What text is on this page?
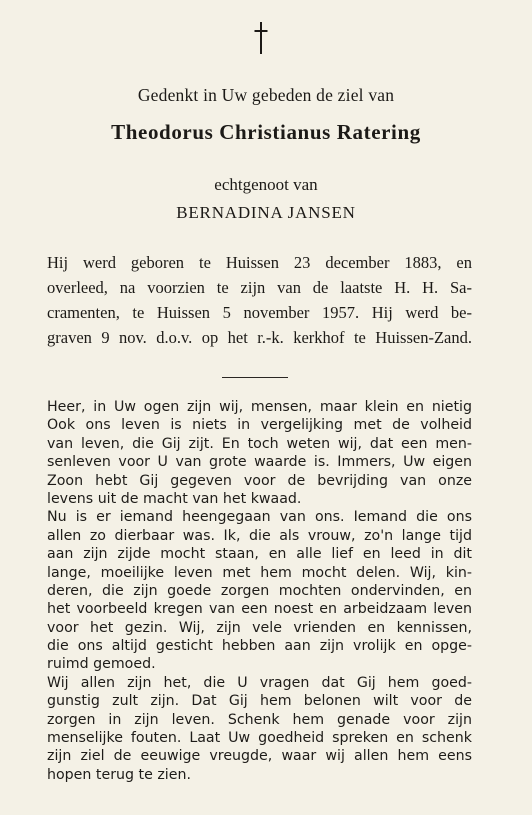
Gedenkt in Uw gebeden de ziel van
Theodorus Christianus Ratering
echtgenoot van
BERNADINA JANSEN
Hij werd geboren te Huissen 23 december 1883, en
overleed, na voorzien te zijn van de laatste H. H. Sa-
cramenten, te Huissen 5 november 1957. Hij werd be-
graven 9 nov. d.o.v. op het r.-k. kerkhof te Huissen-Zand.
Heer, in Uw ogen zijn wij, mensen, maar klein en nietig
Ook ons leven is niets in vergelijking met de volheid
van leven, die Gij zijt. En toch weten wij, dat een men-
senleven voor U van grote waarde is. Immers, Uw eigen
Zoon hebt Gij gegeven voor de bevrijding van onze
levens uit de macht van het kwaad.
Nu is er iemand heengegaan van ons. Iemand die ons
allen zo dierbaar was. Ik, die als vrouw, zo'n lange tijd
aan zijn zijde mocht staan, en alle lief en leed in dit
lange, moeilijke leven met hem mocht delen. Wij, kin-
deren, die zijn goede zorgen mochten ondervinden, en
het voorbeeld kregen van een noest en arbeidzaam leven
voor het gezin. Wij, zijn vele vrienden en kennissen,
die ons altijd gesticht hebben aan zijn vrolijk en opge-
ruimd gemoed.
Wij allen zijn het, die U vragen dat Gij hem goed-
gunstig zult zijn. Dat Gij hem belonen wilt voor de
zorgen in zijn leven. Schenk hem genade voor zijn
menselijke fouten. Laat Uw goedheid spreken en schenk
zijn ziel de eeuwige vreugde, waar wij allen hem eens
hopen terug te zien.
